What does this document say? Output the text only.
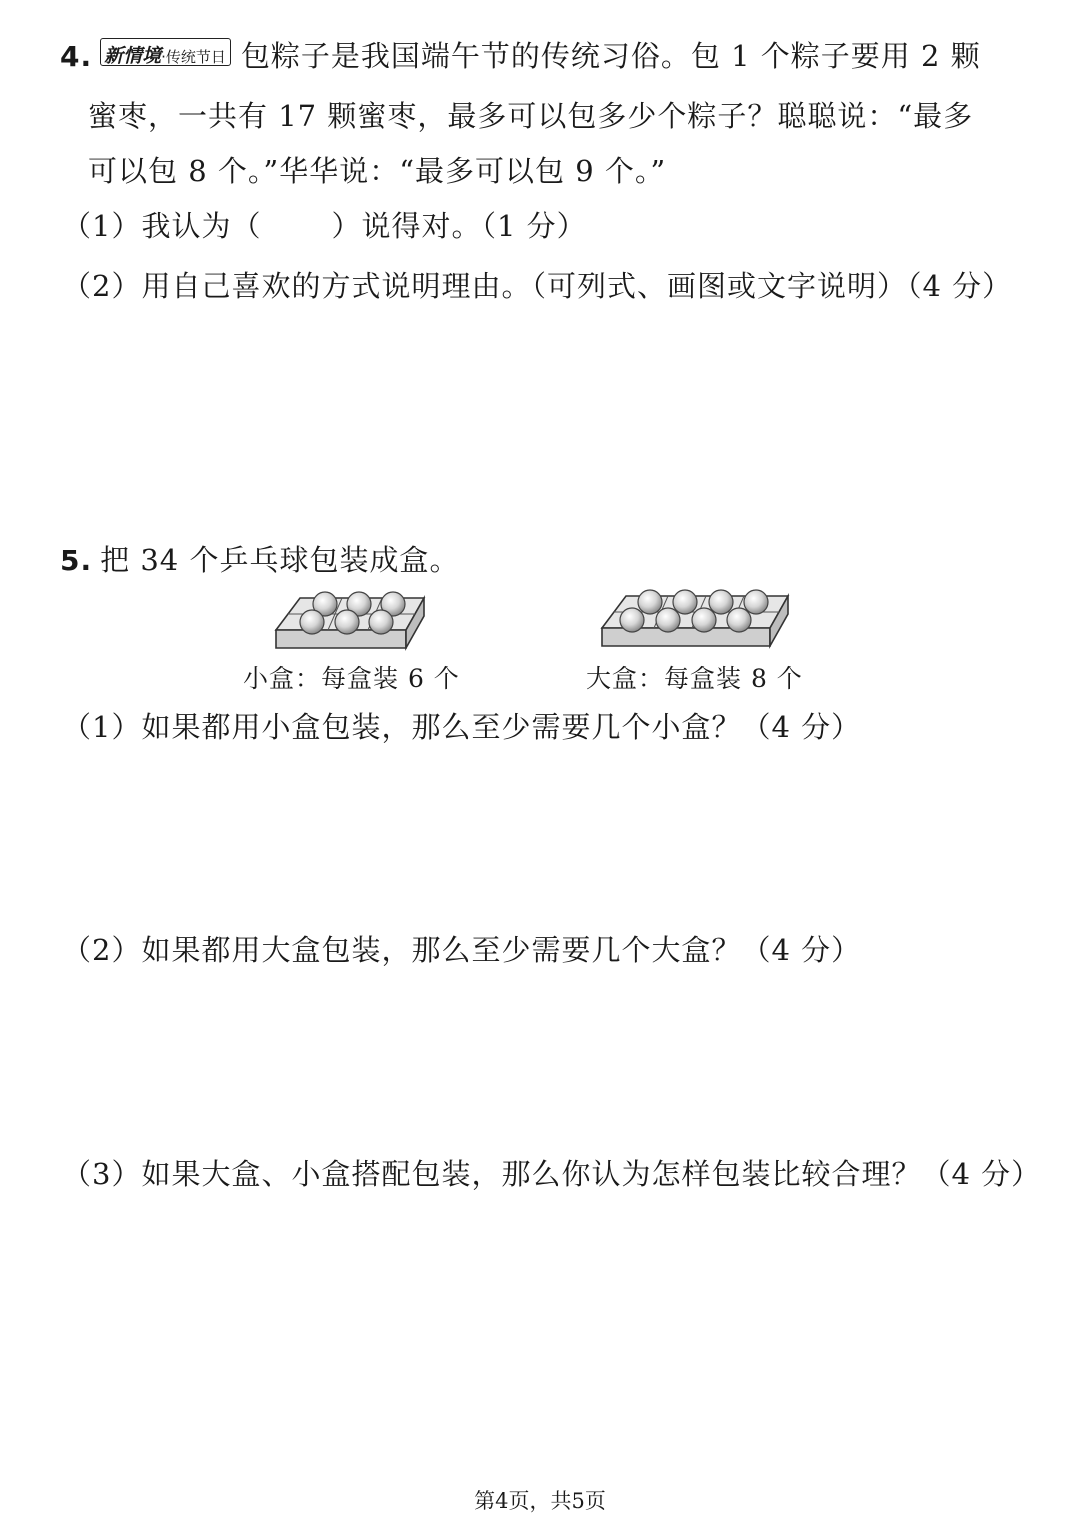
4. 新情境·传统节日 包粽子是我国端午节的传统习俗。包 1 个粽子要用 2 颗
蜜枣，一共有 17 颗蜜枣，最多可以包多少个粽子？聪聪说：“最多
可以包 8 个。”华华说：“最多可以包 9 个。”
（1）我认为（ ）说得对。（1 分）
（2）用自己喜欢的方式说明理由。（可列式、画图或文字说明）（4 分）
5. 把 34 个乒乓球包装成盒。
小盒：每盒装 6 个	大盒：每盒装 8 个
（1）如果都用小盒包装，那么至少需要几个小盒？（4 分）
（2）如果都用大盒包装，那么至少需要几个大盒？（4 分）
（3）如果大盒、小盒搭配包装，那么你认为怎样包装比较合理？（4 分）
第4页，共5页
